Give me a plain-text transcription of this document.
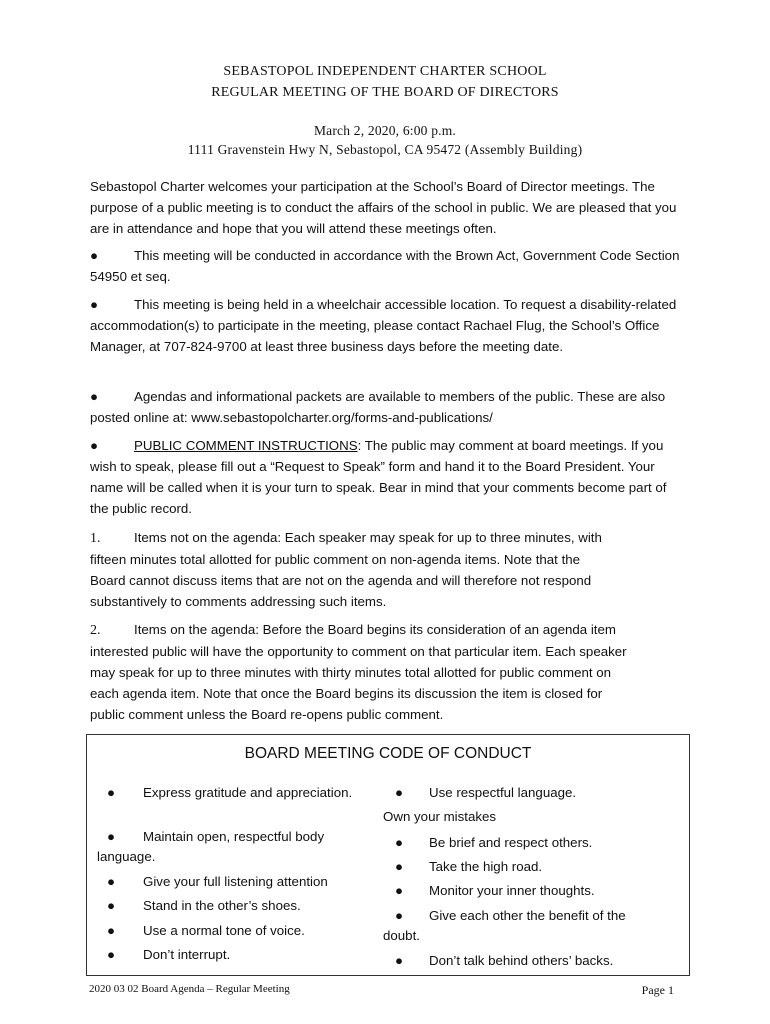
SEBASTOPOL INDEPENDENT CHARTER SCHOOL
REGULAR MEETING OF THE BOARD OF DIRECTORS
March 2, 2020, 6:00 p.m.
1111 Gravenstein Hwy N, Sebastopol, CA 95472 (Assembly Building)
Sebastopol Charter welcomes your participation at the School’s Board of Director meetings. The purpose of a public meeting is to conduct the affairs of the school in public. We are pleased that you are in attendance and hope that you will attend these meetings often.
●	This meeting will be conducted in accordance with the Brown Act, Government Code Section 54950 et seq.
●	This meeting is being held in a wheelchair accessible location. To request a disability-related accommodation(s) to participate in the meeting, please contact Rachael Flug, the School’s Office Manager, at 707-824-9700 at least three business days before the meeting date.
●	Agendas and informational packets are available to members of the public. These are also posted online at: www.sebastopolcharter.org/forms-and-publications/
●	PUBLIC COMMENT INSTRUCTIONS: The public may comment at board meetings. If you wish to speak, please fill out a “Request to Speak” form and hand it to the Board President. Your name will be called when it is your turn to speak. Bear in mind that your comments become part of the public record.
1.	Items not on the agenda: Each speaker may speak for up to three minutes, with fifteen minutes total allotted for public comment on non-agenda items. Note that the Board cannot discuss items that are not on the agenda and will therefore not respond substantively to comments addressing such items.
2.	Items on the agenda: Before the Board begins its consideration of an agenda item interested public will have the opportunity to comment on that particular item. Each speaker may speak for up to three minutes with thirty minutes total allotted for public comment on each agenda item. Note that once the Board begins its discussion the item is closed for public comment unless the Board re-opens public comment.
BOARD MEETING CODE OF CONDUCT
● Express gratitude and appreciation.
● Maintain open, respectful body language.
● Give your full listening attention
● Stand in the other’s shoes.
● Use a normal tone of voice.
● Don’t interrupt.
● Use respectful language.
Own your mistakes
● Be brief and respect others.
● Take the high road.
● Monitor your inner thoughts.
● Give each other the benefit of the doubt.
● Don’t talk behind others’ backs.
2020 03 02 Board Agenda – Regular Meeting	Page 1
